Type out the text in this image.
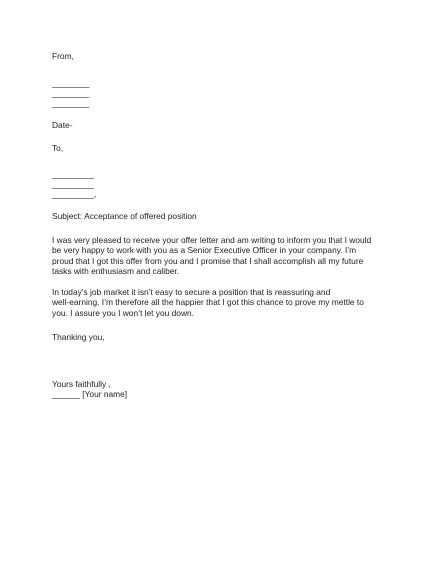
From,
________
________
________
Date-
To,
_________
_________
_________,
Subject: Acceptance of offered position
I was very pleased to receive your offer letter and am writing to inform you that I would
be very happy to work with you as a Senior Executive Officer in your company. I’m
proud that I got this offer from you and I promise that I shall accomplish all my future
tasks with enthusiasm and caliber.
In today’s job market it isn’t easy to secure a position that is reassuring and
well-earning. I’m therefore all the happier that I got this chance to prove my mettle to
you. I assure you I won’t let you down.
Thanking you,
Yours faithfully ,
______ [Your name]
